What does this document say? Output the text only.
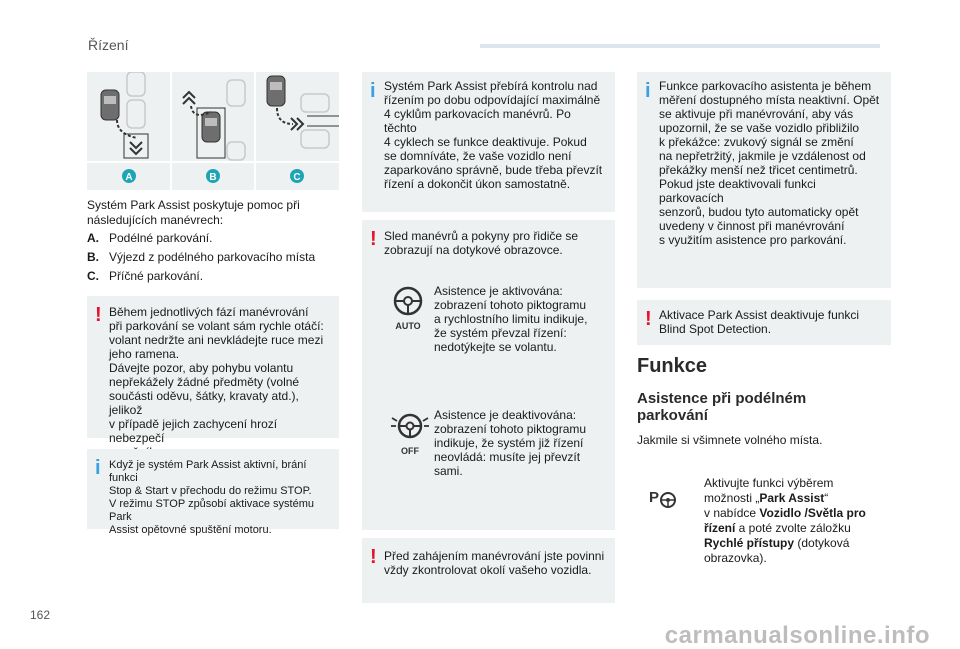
Řízení
A	B	C
Systém Park Assist poskytuje pomoc při
následujících manévrech:
A. Podélné parkování.
B. Výjezd z podélného parkovacího místa
C. Příčné parkování.
! Během jednotlivých fází manévrování
při parkování se volant sám rychle otáčí:
volant nedržte ani nevkládejte ruce mezi
jeho ramena.
Dávejte pozor, aby pohybu volantu
nepřekážely žádné předměty (volné
součásti oděvu, šátky, kravaty atd.), jelikož
v případě jejich zachycení hrozí nebezpečí

i Když je systém Park Assist aktivní, brání funkci
Stop & Start v přechodu do režimu STOP.
V režimu STOP způsobí aktivace systému Park
Assist opětovné spuštění motoru.
i Systém Park Assist přebírá kontrolu nad
řízením po dobu odpovídající maximálně
4 cyklům parkovacích manévrů. Po těchto
4 cyklech se funkce deaktivuje. Pokud
se domníváte, že vaše vozidlo není
zaparkováno správně, bude třeba převzít
řízení a dokončit úkon samostatně.
! Sled manévrů a pokyny pro řidiče se
zobrazují na dotykové obrazovce.
AUTO
Asistence je aktivována:
zobrazení tohoto piktogramu
a rychlostního limitu indikuje,
že systém převzal řízení:
nedotýkejte se volantu.
OFF
Asistence je deaktivována:
zobrazení tohoto piktogramu
indikuje, že systém již řízení
neovládá: musíte jej převzít sami.
! Před zahájením manévrování jste povinni
vždy zkontrolovat okolí vašeho vozidla.
i Funkce parkovacího asistenta je během
měření dostupného místa neaktivní. Opět
se aktivuje při manévrování, aby vás
upozornil, že se vaše vozidlo přibližilo
k překážce: zvukový signál se změní
na nepřetržitý, jakmile je vzdálenost od
překážky menší než třicet centimetrů.
Pokud jste deaktivovali funkci parkovacích
senzorů, budou tyto automaticky opět
uvedeny v činnost při manévrování
s využitím asistence pro parkování.
! Aktivace Park Assist deaktivuje funkci
Blind Spot Detection.
Funkce
Asistence při podélném
parkování
Jakmile si všimnete volného místa.
P
Aktivujte funkci výběrem
možnosti „Park Assist“
v nabídce Vozidlo /Světla pro
řízení a poté zvolte záložku
Rychlé přístupy (dotyková
obrazovka).
162
carmanualsonline.info
